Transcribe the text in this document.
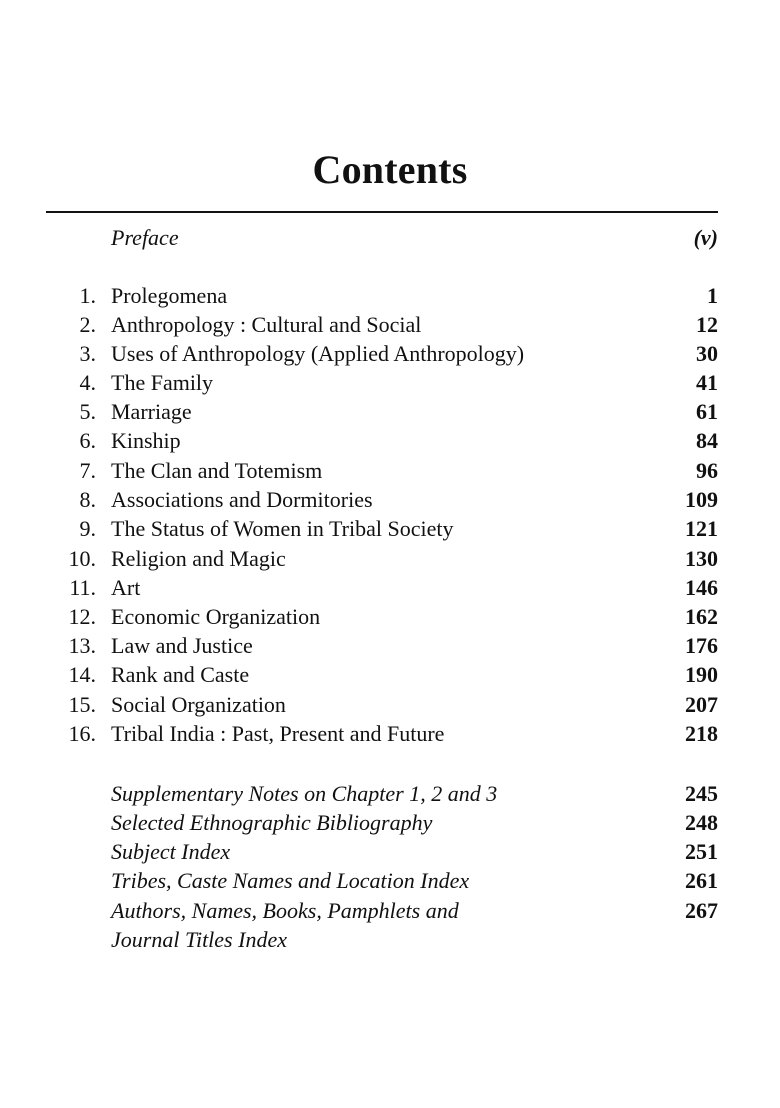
Contents
Preface	(v)
1. Prolegomena	1
2. Anthropology : Cultural and Social	12
3. Uses of Anthropology (Applied Anthropology)	30
4. The Family	41
5. Marriage	61
6. Kinship	84
7. The Clan and Totemism	96
8. Associations and Dormitories	109
9. The Status of Women in Tribal Society	121
10. Religion and Magic	130
11. Art	146
12. Economic Organization	162
13. Law and Justice	176
14. Rank and Caste	190
15. Social Organization	207
16. Tribal India : Past, Present and Future	218
Supplementary Notes on Chapter 1, 2 and 3	245
Selected Ethnographic Bibliography	248
Subject Index	251
Tribes, Caste Names and Location Index	261
Authors, Names, Books, Pamphlets and	267
Journal Titles Index
